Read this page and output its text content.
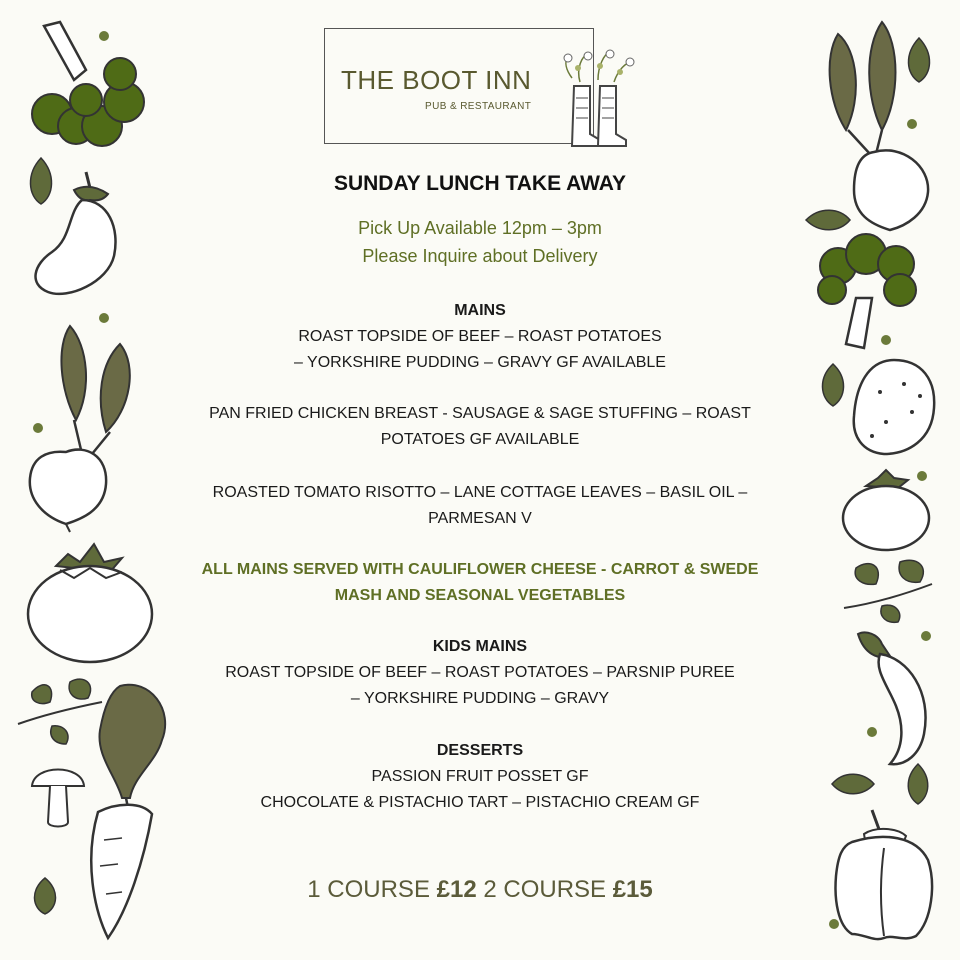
THE BOOT INN
PUB & RESTAURANT
SUNDAY LUNCH TAKE AWAY
Pick Up Available 12pm – 3pm
Please Inquire about Delivery
MAINS
ROAST TOPSIDE OF BEEF – ROAST POTATOES
– YORKSHIRE PUDDING – GRAVY GF AVAILABLE
PAN FRIED CHICKEN BREAST - SAUSAGE & SAGE STUFFING – ROAST
POTATOES GF AVAILABLE
ROASTED TOMATO RISOTTO – LANE COTTAGE LEAVES – BASIL OIL –
PARMESAN V
ALL MAINS SERVED WITH CAULIFLOWER CHEESE - CARROT & SWEDE
MASH AND SEASONAL VEGETABLES
KIDS MAINS
ROAST TOPSIDE OF BEEF – ROAST POTATOES – PARSNIP PUREE
– YORKSHIRE PUDDING – GRAVY
DESSERTS
PASSION FRUIT POSSET GF
CHOCOLATE & PISTACHIO TART – PISTACHIO CREAM GF
1 COURSE £12 2 COURSE £15
